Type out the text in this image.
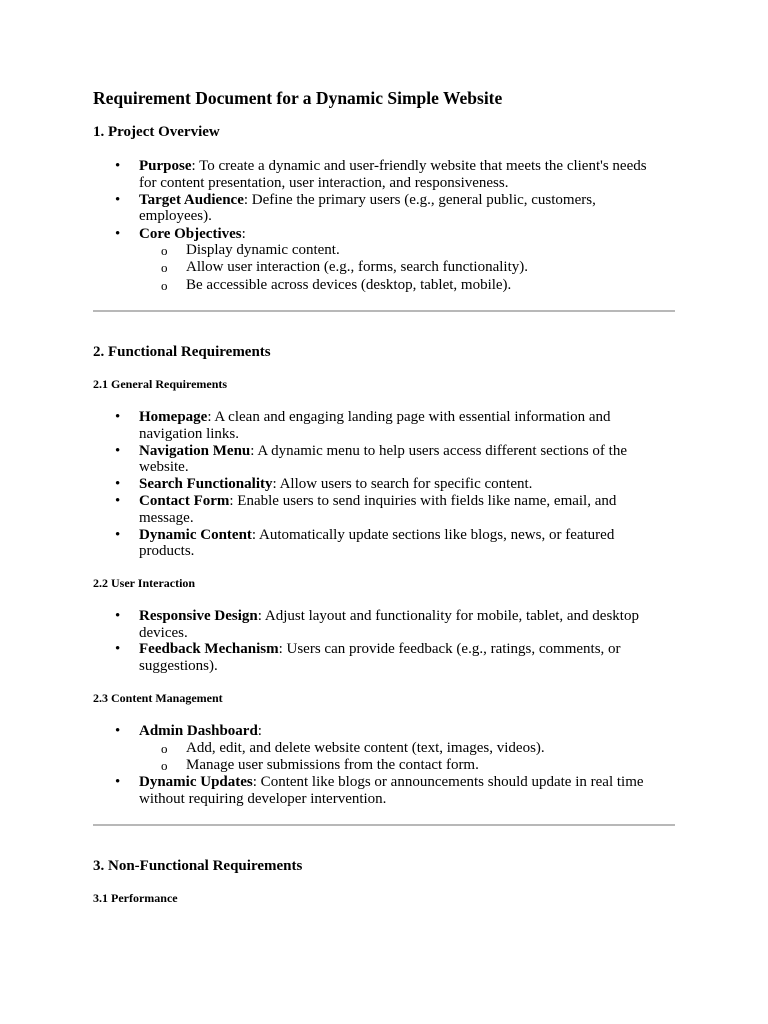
Requirement Document for a Dynamic Simple Website
1. Project Overview
• Purpose: To create a dynamic and user-friendly website that meets the client's needs
for content presentation, user interaction, and responsiveness.
• Target Audience: Define the primary users (e.g., general public, customers,
employees).
• Core Objectives:
o Display dynamic content.
o Allow user interaction (e.g., forms, search functionality).
o Be accessible across devices (desktop, tablet, mobile).
2. Functional Requirements
2.1 General Requirements
• Homepage: A clean and engaging landing page with essential information and
navigation links.
• Navigation Menu: A dynamic menu to help users access different sections of the
website.
• Search Functionality: Allow users to search for specific content.
• Contact Form: Enable users to send inquiries with fields like name, email, and
message.
• Dynamic Content: Automatically update sections like blogs, news, or featured
products.
2.2 User Interaction
• Responsive Design: Adjust layout and functionality for mobile, tablet, and desktop
devices.
• Feedback Mechanism: Users can provide feedback (e.g., ratings, comments, or
suggestions).
2.3 Content Management
• Admin Dashboard:
o Add, edit, and delete website content (text, images, videos).
o Manage user submissions from the contact form.
• Dynamic Updates: Content like blogs or announcements should update in real time
without requiring developer intervention.
3. Non-Functional Requirements
3.1 Performance
